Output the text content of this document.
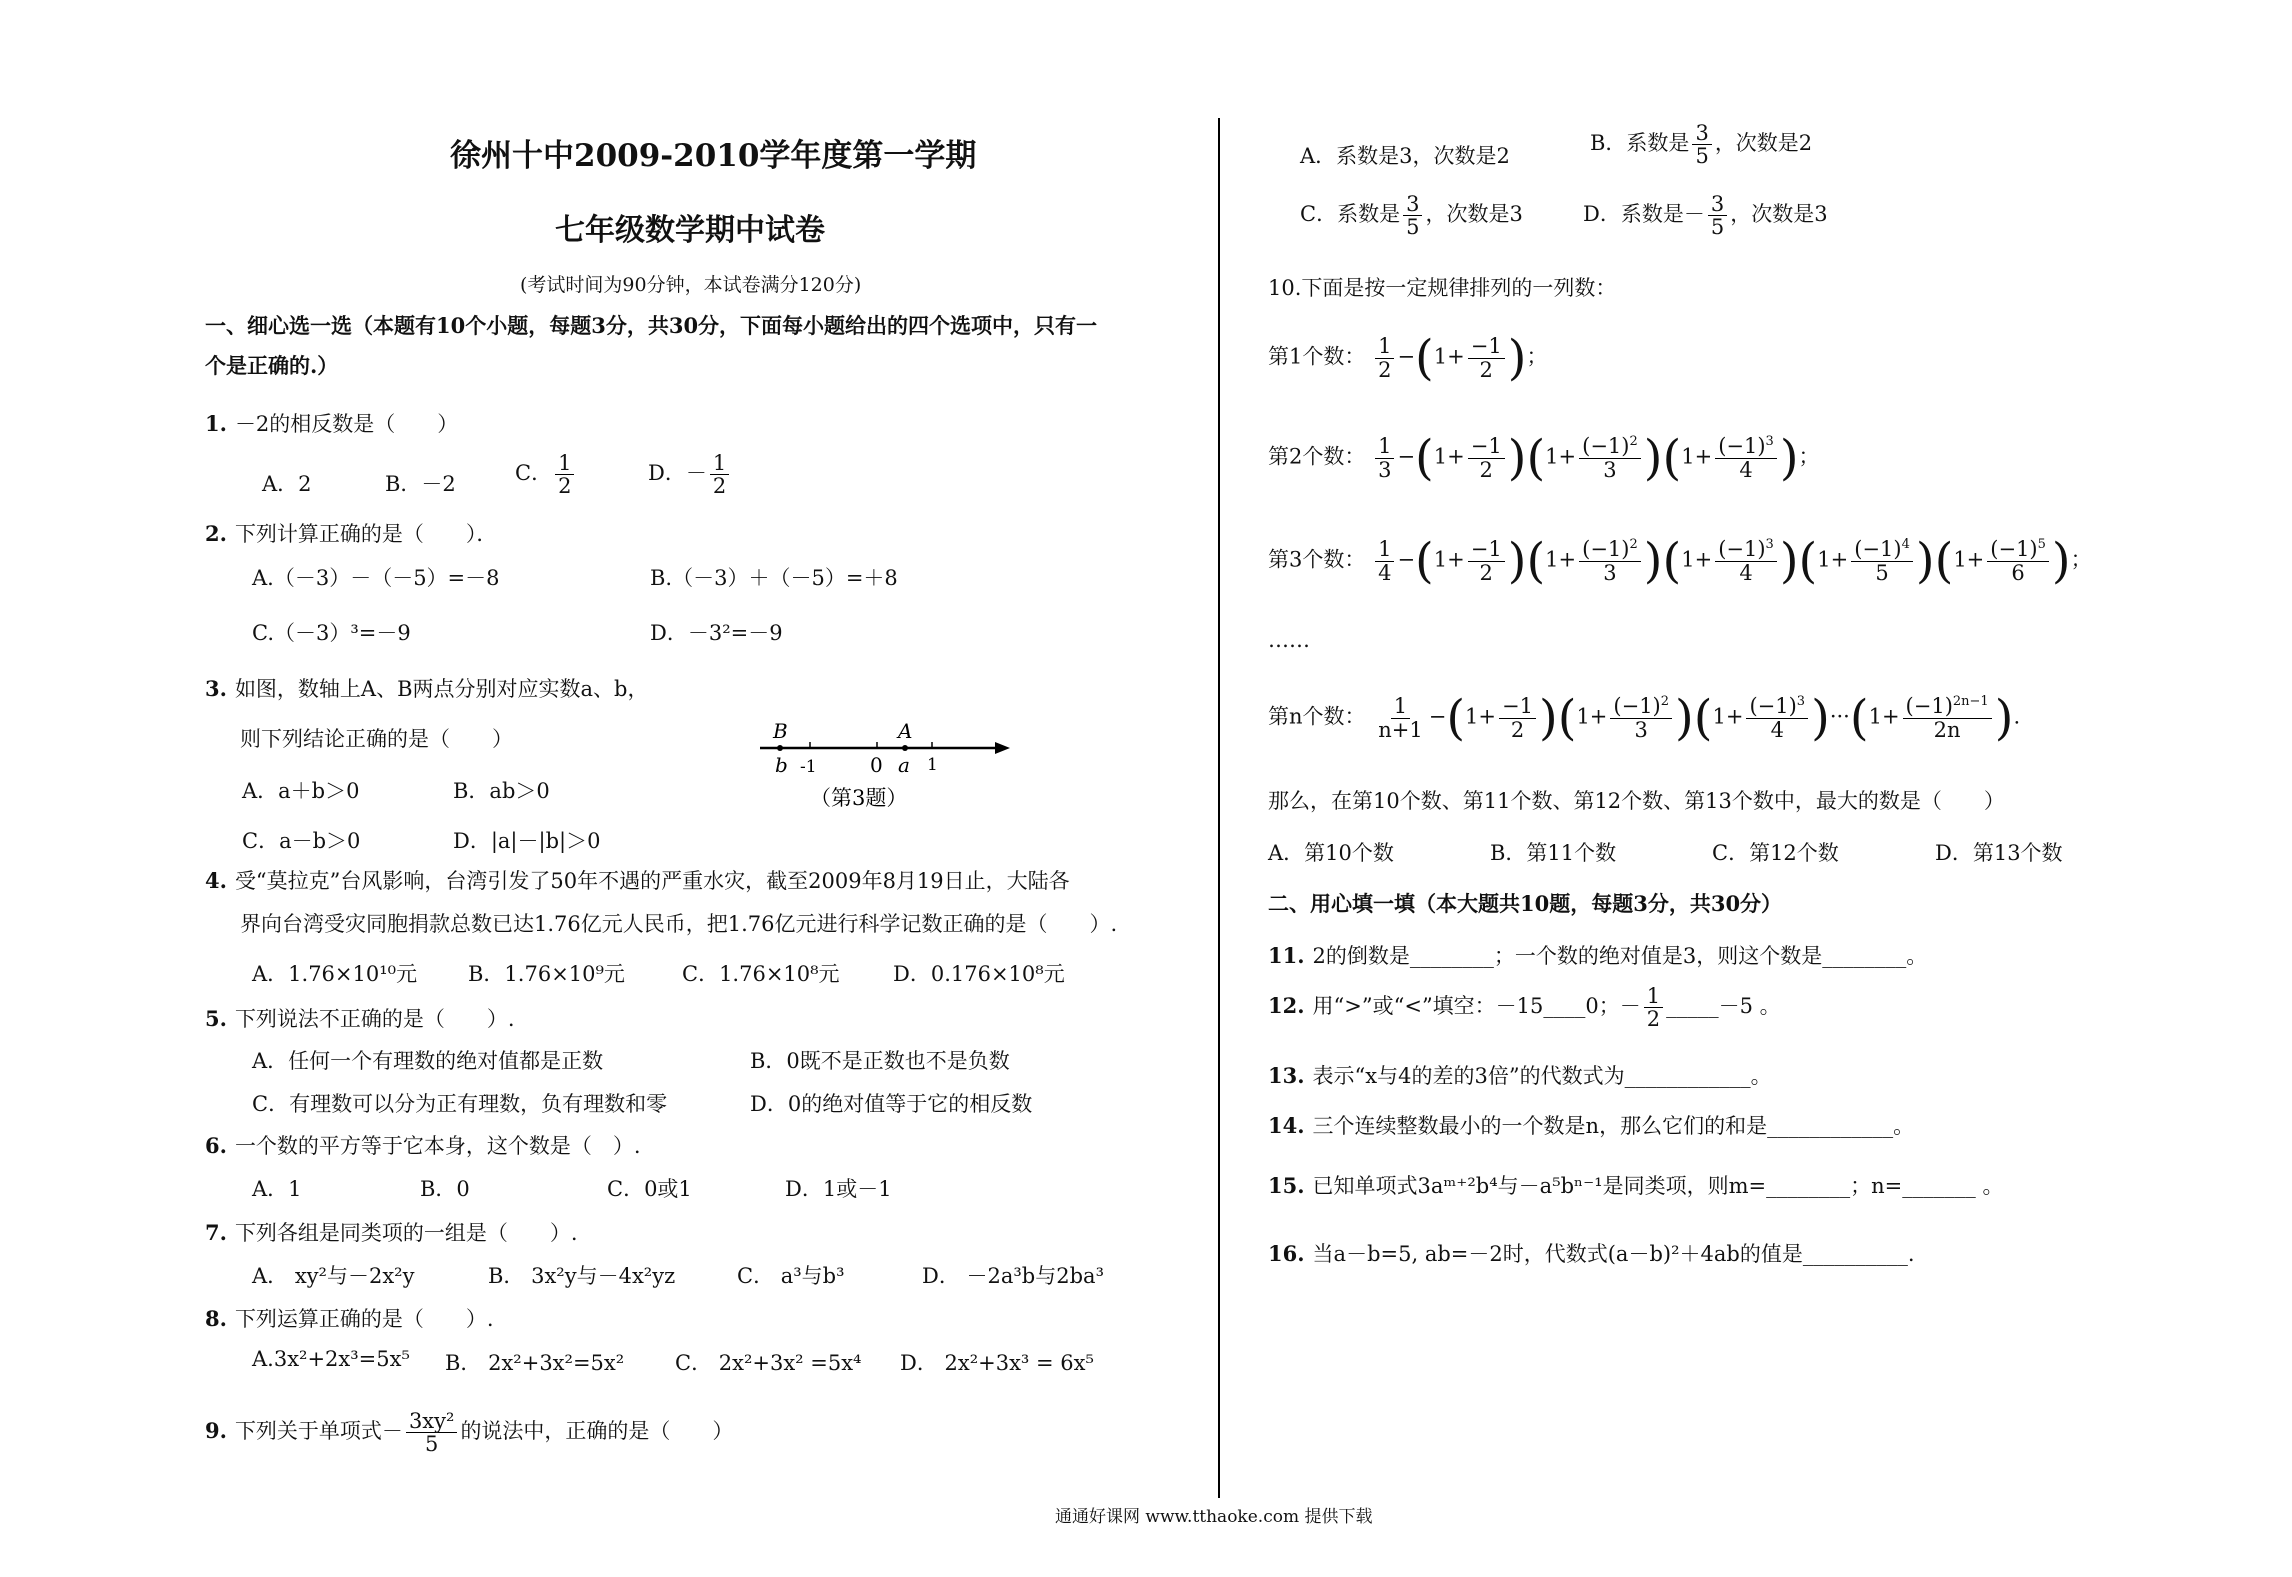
徐州十中2009-2010学年度第一学期
七年级数学期中试卷
(考试时间为90分钟，本试卷满分120分)
一、细心选一选（本题有10个小题，每题3分，共30分，下面每小题给出的四个选项中，只有一
个是正确的.）
1. －2的相反数是（　　）
A．2	B．－2	C． $\frac{1}{2}$	D．－ $\frac{1}{2}$
2. 下列计算正确的是（　　）．
A.（－3）－（－5）=－8	B.（－3）＋（－5）=＋8
C.（－3）³=－9	D．－3²=－9
3. 如图，数轴上A、B两点分别对应实数a、b，
则下列结论正确的是（　　）
A．a＋b＞0	B．ab＞0
C．a－b＞0	D．|a|－|b|＞0
B	A
b -1	0 a 1
（第3题）
4. 受“莫拉克”台风影响，台湾引发了50年不遇的严重水灾，截至2009年8月19日止，大陆各
界向台湾受灾同胞捐款总数已达1.76亿元人民币，把1.76亿元进行科学记数正确的是（　　）.
A．1.76×10¹⁰元 B．1.76×10⁹元	C．1.76×10⁸元	D．0.176×10⁸元
5. 下列说法不正确的是（　　）.
A．任何一个有理数的绝对值都是正数	B．0既不是正数也不是负数
C．有理数可以分为正有理数，负有理数和零	D．0的绝对值等于它的相反数
6. 一个数的平方等于它本身，这个数是（　）.
A．1	B．0	C．0或1	D．1或－1
7. 下列各组是同类项的一组是（　　）.
A． xy²与－2x²y	B． 3x²y与－4x²yz	C． a³与b³	D． －2a³b与2ba³
8. 下列运算正确的是（　　）.
A.3x²+2x³=5x⁵ B． 2x²+3x²=5x² C． 2x²+3x² =5x⁴ D． 2x²+3x³ = 6x⁵
9. 下列关于单项式－ $\frac{\text{3xy²}}{5}$ 的说法中，正确的是（　　）
A．系数是3，次数是2
B．系数是 $\frac{3}{5}$ ，次数是2
C．系数是 $\frac{3}{5}$ ，次数是3	D．系数是－ $\frac{3}{5}$ ，次数是3
10.下面是按一定规律排列的一列数：
第1个数： $\frac{1}{2} -(1+ \frac{-1}{2}$ )；
第2个数： $\frac{1}{3} -(1+ \frac{-1}{2} )(1+ \frac{(-1)^2}{3} )(1+ \frac{(-1)^3}{4}$ )；
第3个数： $\frac{1}{4} -(1+ \frac{-1}{2} )(1+ \frac{(-1)^2}{3} )(1+ \frac{(-1)^3}{4} )(1+ \frac{(-1)^4}{5} )(1+ \frac{(-1)^5}{6}$ )；
……
第n个数： $\frac{1}{n+1} -(1+ \frac{-1}{2} )(1+ \frac{(-1)^2}{3} )(1+ \frac{(-1)^3}{4} )\cdot\cdot\cdot(1+ \frac{(-1)^{2n-1}}{2n}$ ).
那么，在第10个数、第11个数、第12个数、第13个数中，最大的数是（　　）
A．第10个数	B．第11个数	C．第12个数	D．第13个数
二、用心填一填（本大题共10题，每题3分，共30分）
11. 2的倒数是________；一个数的绝对值是3，则这个数是________。
12. 用“>”或“<”填空：－15____0；－ $\frac{1}{2}$ _____－5 。
13. 表示“x与4的差的3倍”的代数式为____________。
14. 三个连续整数最小的一个数是n，那么它们的和是____________。
15. 已知单项式3aᵐ⁺²b⁴与－a⁵bⁿ⁻¹是同类项，则m=________；n=_______ 。
16. 当a－b=5, ab=－2时，代数式(a－b)²＋4ab的值是__________.
通通好课网 www.tthaoke.com 提供下载
